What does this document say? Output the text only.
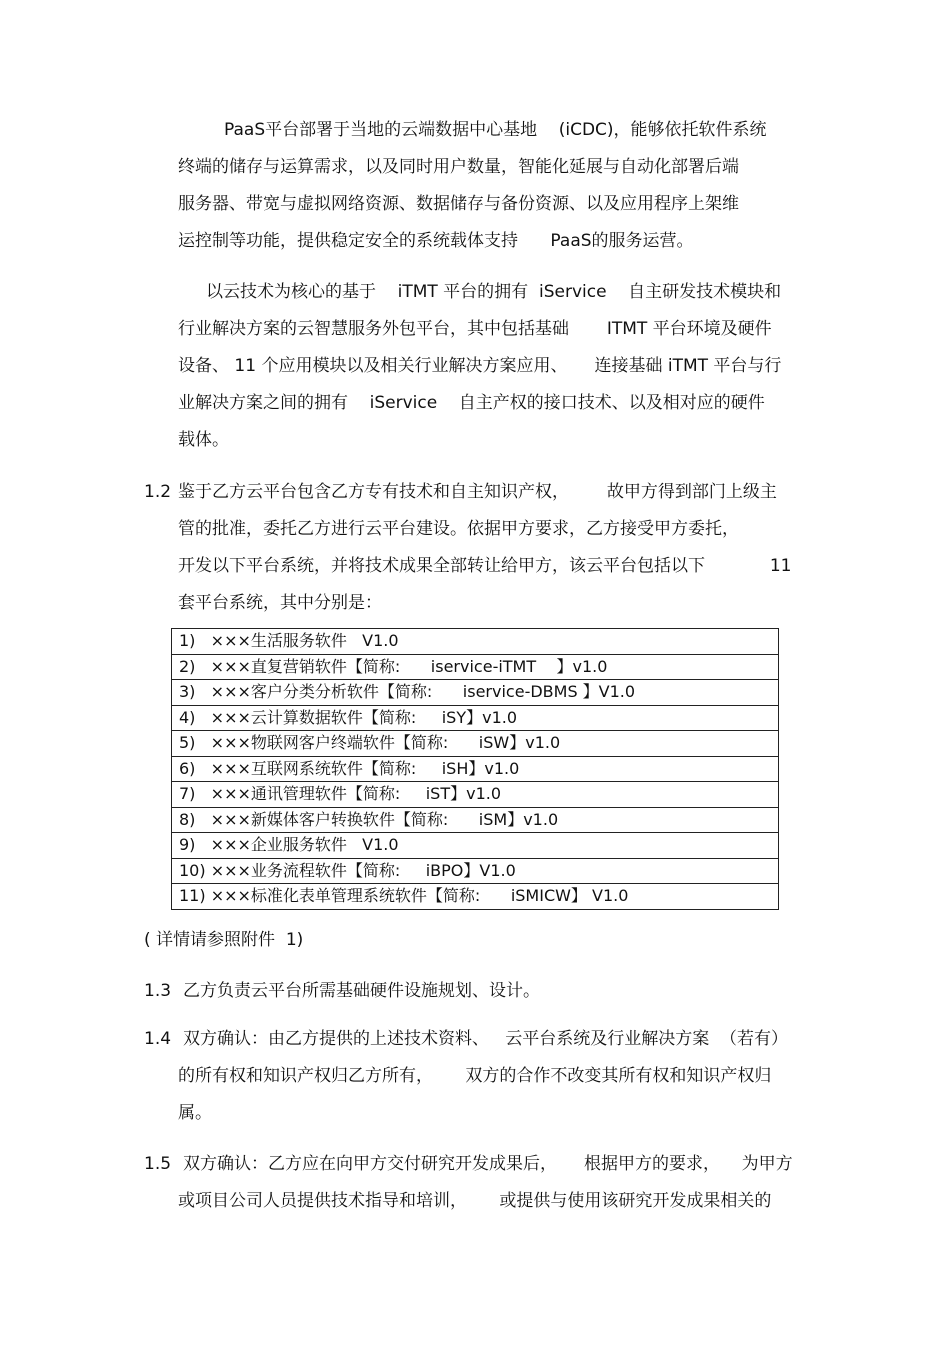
PaaS平台部署于当地的云端数据中心基地    (iCDC)，能够依托软件系统
终端的储存与运算需求，以及同时用户数量，智能化延展与自动化部署后端
服务器、带宽与虚拟网络资源、数据储存与备份资源、以及应用程序上架维
运控制等功能，提供稳定安全的系统载体支持      PaaS的服务运营。
以云技术为核心的基于    iTMT 平台的拥有  iService    自主研发技术模块和
行业解决方案的云智慧服务外包平台，其中包括基础       ITMT 平台环境及硬件
设备、 11 个应用模块以及相关行业解决方案应用、     连接基础 iTMT 平台与行
业解决方案之间的拥有    iService    自主产权的接口技术、以及相对应的硬件
载体。
1.2 鉴于乙方云平台包含乙方专有技术和自主知识产权，       故甲方得到部门上级主
管的批准，委托乙方进行云平台建设。依据甲方要求，乙方接受甲方委托，
开发以下平台系统，并将技术成果全部转让给甲方，该云平台包括以下            11
套平台系统，其中分别是：
1)   ×××生活服务软件   V1.0
2)   ×××直复营销软件【简称:      iservice-iTMT    】v1.0
3)   ×××客户分类分析软件【简称:      iservice-DBMS 】V1.0
4)   ×××云计算数据软件【简称:     iSY】v1.0
5)   ×××物联网客户终端软件【简称:      iSW】v1.0
6)   ×××互联网系统软件【简称:     iSH】v1.0
7)   ×××通讯管理软件【简称:     iST】v1.0
8)   ×××新媒体客户转换软件【简称:      iSM】v1.0
9)   ×××企业服务软件   V1.0
10) ×××业务流程软件【简称:     iBPO】V1.0
11) ×××标准化表单管理系统软件【简称:      iSMICW】 V1.0
( 详情请参照附件  1)
1.3 乙方负责云平台所需基础硬件设施规划、设计。
1.4 双方确认：由乙方提供的上述技术资料、   云平台系统及行业解决方案  （若有）
的所有权和知识产权归乙方所有，      双方的合作不改变其所有权和知识产权归
属。
1.5 双方确认：乙方应在向甲方交付研究开发成果后，     根据甲方的要求，    为甲方
或项目公司人员提供技术指导和培训，      或提供与使用该研究开发成果相关的
